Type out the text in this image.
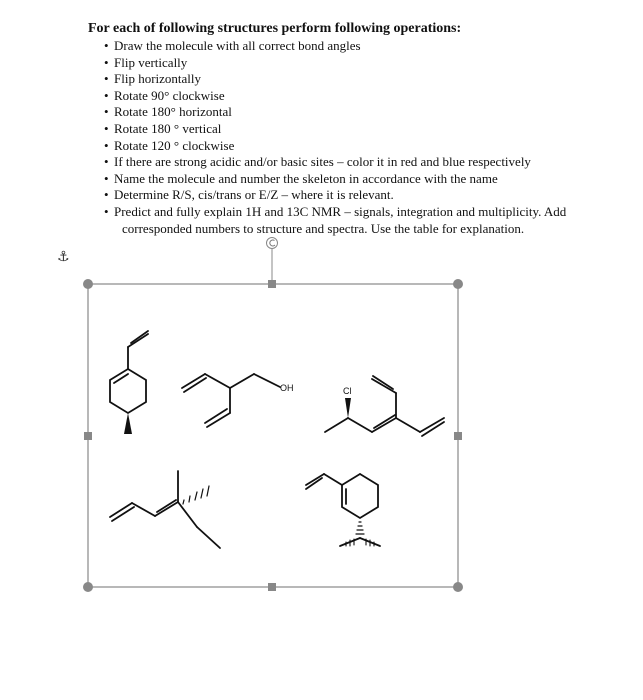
For each of following structures perform following operations:
• Draw the molecule with all correct bond angles
• Flip vertically
• Flip horizontally
• Rotate 90° clockwise
• Rotate 180° horizontal
• Rotate 180 ° vertical
• Rotate 120 ° clockwise
• If there are strong acidic and/or basic sites – color it in red and blue respectively
• Name the molecule and number the skeleton in accordance with the name
• Determine R/S, cis/trans or E/Z – where it is relevant.
• Predict and fully explain 1H and 13C NMR – signals, integration and multiplicity. Add
corresponded numbers to structure and spectra. Use the table for explanation.
⚓
OH	Cl
